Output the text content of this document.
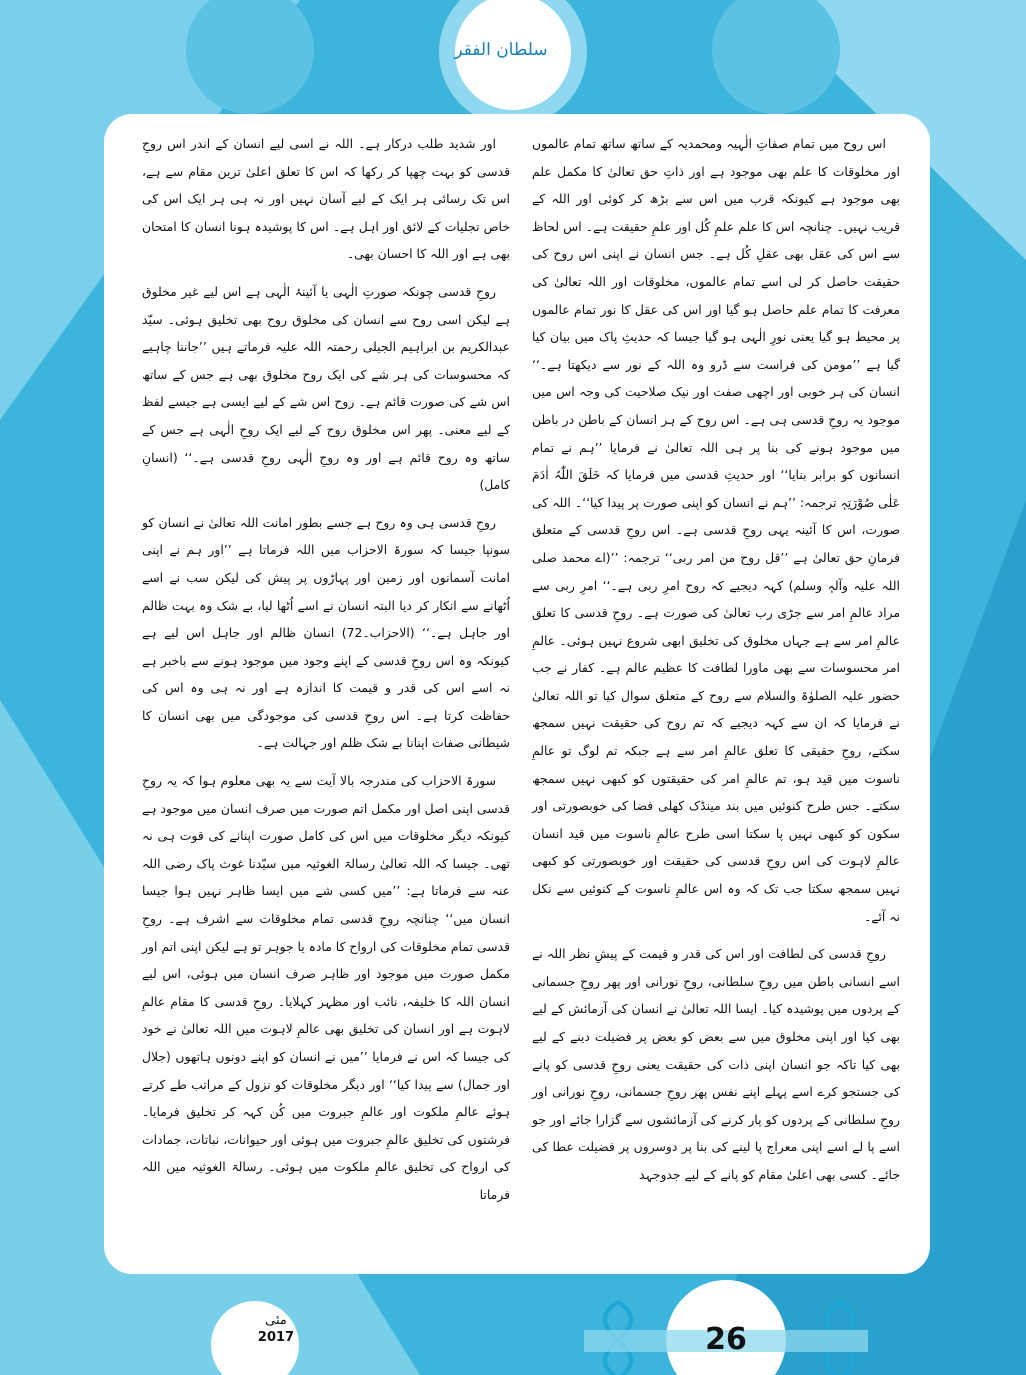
سلطان الفقر

اس روح میں تمام صفاتِ الٰہیہ ومحمدیہ کے ساتھ ساتھ تمام عالموں اور مخلوقات کا علم بھی موجود ہے اور ذاتِ حق تعالیٰ کا مکمل علم بھی موجود ہے کیونکہ قرب میں اس سے بڑھ کر کوئی اور اللہ کے قریب نہیں۔ چنانچہ اس کا علم علمِ کُل اور علمِ حقیقت ہے۔ اس لحاظ سے اس کی عقل بھی عقلِ کُل ہے۔ جس انسان نے اپنی اس روح کی حقیقت حاصل کر لی اسے تمام عالموں، مخلوقات اور اللہ تعالیٰ کی معرفت کا تمام علم حاصل ہو گیا اور اس کی عقل کا نور تمام عالموں پر محیط ہو گیا یعنی نورِ الٰہی ہو گیا جیسا کہ حدیثِ پاک میں بیان کیا گیا ہے ’’مومن کی فراست سے ڈرو وہ اللہ کے نور سے دیکھتا ہے۔‘‘ انسان کی ہر خوبی اور اچھی صفت اور نیک صلاحیت کی وجہ اس میں موجود یہ روحِ قدسی ہی ہے۔ اس روح کے ہر انسان کے باطن در باطن میں موجود ہونے کی بنا پر ہی اللہ تعالیٰ نے فرمایا ’’ہم نے تمام انسانوں کو برابر بنایا‘‘ اور حدیثِ قدسی میں فرمایا کہ خَلَقَ اللّٰہُ اٰدَمَ عَلٰی صُوْرَتِہٖ ترجمہ: ’’ہم نے انسان کو اپنی صورت پر پیدا کیا‘‘۔ اللہ کی صورت، اس کا آئینہ یہی روحِ قدسی ہے۔ اس روحِ قدسی کے متعلق فرمانِ حق تعالیٰ ہے ’’قل روح من امر ربی‘‘ ترجمہ: ’’(اے محمد صلی اللہ علیہ وآلہٖ وسلم) کہہ دیجیے کہ روح امرِ ربی ہے۔‘‘ امرِ ربی سے مراد عالمِ امر سے جڑی رب تعالیٰ کی صورت ہے۔ روحِ قدسی کا تعلق عالمِ امر سے ہے جہاں مخلوق کی تخلیق ابھی شروع نہیں ہوئی۔ عالمِ امر محسوسات سے بھی ماورا لطافت کا عظیم عالم ہے۔ کفار نے جب حضور علیہ الصلوٰۃ والسلام سے روح کے متعلق سوال کیا تو اللہ تعالیٰ نے فرمایا کہ ان سے کہہ دیجیے کہ تم روح کی حقیقت نہیں سمجھ سکتے، روحِ حقیقی کا تعلق عالمِ امر سے ہے جبکہ تم لوگ تو عالمِ ناسوت میں قید ہو، تم عالمِ امر کی حقیقتوں کو کبھی نہیں سمجھ سکتے۔ جس طرح کنوئیں میں بند مینڈک کھلی فضا کی خوبصورتی اور سکون کو کبھی نہیں پا سکتا اسی طرح عالمِ ناسوت میں قید انسان عالمِ لاہوت کی اس روحِ قدسی کی حقیقت اور خوبصورتی کو کبھی نہیں سمجھ سکتا جب تک کہ وہ اس عالمِ ناسوت کے کنوئیں سے نکل نہ آئے۔

روحِ قدسی کی لطافت اور اس کی قدر و قیمت کے پیشِ نظر اللہ نے اسے انسانی باطن میں روحِ سلطانی، روحِ نورانی اور پھر روحِ جسمانی کے پردوں میں پوشیدہ کیا۔ ایسا اللہ تعالیٰ نے انسان کی آزمائش کے لیے بھی کیا اور اپنی مخلوق میں سے بعض کو بعض پر فضیلت دینے کے لیے بھی کیا تاکہ جو انسان اپنی ذات کی حقیقت یعنی روحِ قدسی کو پانے کی جستجو کرے اسے پہلے اپنے نفس پھر روحِ جسمانی، روحِ نورانی اور روحِ سلطانی کے پردوں کو پار کرنے کی آزمائشوں سے گزارا جائے اور جو اسے پا لے اسے اپنی معراج پا لینے کی بنا پر دوسروں پر فضیلت عطا کی جائے۔ کسی بھی اعلیٰ مقام کو پانے کے لیے جدوجہد

اور شدید طلب درکار ہے۔ اللہ نے اسی لیے انسان کے اندر اس روحِ قدسی کو بہت چھپا کر رکھا کہ اس کا تعلق اعلیٰ ترین مقام سے ہے، اس تک رسائی ہر ایک کے لیے آسان نہیں اور نہ ہی ہر ایک اس کی خاص تجلیات کے لائق اور اہل ہے۔ اس کا پوشیدہ ہونا انسان کا امتحان بھی ہے اور اللہ کا احسان بھی۔

روحِ قدسی چونکہ صورتِ الٰہی یا آئینۂ الٰہی ہے اس لیے غیر مخلوق ہے لیکن اسی روح سے انسان کی مخلوق روح بھی تخلیق ہوئی۔ سیّد عبدالکریم بن ابراہیم الجیلی رحمتہ اللہ علیہ فرماتے ہیں ’’جاننا چاہیے کہ محسوسات کی ہر شے کی ایک روح مخلوق بھی ہے جس کے ساتھ اس شے کی صورت قائم ہے۔ روح اس شے کے لیے ایسی ہے جیسے لفظ کے لیے معنی۔ پھر اس مخلوق روح کے لیے ایک روحِ الٰہی ہے جس کے ساتھ وہ روح قائم ہے اور وہ روحِ الٰہی روحِ قدسی ہے۔‘‘ (انسانِ کامل)

روحِ قدسی ہی وہ روح ہے جسے بطور امانت اللہ تعالیٰ نے انسان کو سونپا جیسا کہ سورۃ الاحزاب میں اللہ فرماتا ہے ’’اور ہم نے اپنی امانت آسمانوں اور زمین اور پہاڑوں پر پیش کی لیکن سب نے اسے اُٹھانے سے انکار کر دیا البتہ انسان نے اسے اُٹھا لیا، بے شک وہ بہت ظالم اور جاہل ہے۔‘‘ (الاحزاب۔72) انسان ظالم اور جاہل اس لیے ہے کیونکہ وہ اس روحِ قدسی کے اپنے وجود میں موجود ہونے سے باخبر ہے نہ اسے اس کی قدر و قیمت کا اندازہ ہے اور نہ ہی وہ اس کی حفاظت کرتا ہے۔ اس روحِ قدسی کی موجودگی میں بھی انسان کا شیطانی صفات اپنانا بے شک ظلم اور جہالت ہے۔

سورۃ الاحزاب کی مندرجہ بالا آیت سے یہ بھی معلوم ہوا کہ یہ روحِ قدسی اپنی اصل اور مکمل اتم صورت میں صرف انسان میں موجود ہے کیونکہ دیگر مخلوقات میں اس کی کامل صورت اپنانے کی قوت ہی نہ تھی۔ جیسا کہ اللہ تعالیٰ رسالۃ الغوثیہ میں سیّدنا غوث پاک رضی اللہ عنہ سے فرماتا ہے: ’’میں کسی شے میں ایسا ظاہر نہیں ہوا جیسا انسان میں‘‘ چنانچہ روحِ قدسی تمام مخلوقات سے اشرف ہے۔ روحِ قدسی تمام مخلوقات کی ارواح کا مادہ یا جوہر تو ہے لیکن اپنی اتم اور مکمل صورت میں موجود اور ظاہر صرف انسان میں ہوئی، اس لیے انسان اللہ کا خلیفہ، نائب اور مظہر کہلایا۔ روحِ قدسی کا مقام عالمِ لاہوت ہے اور انسان کی تخلیق بھی عالمِ لاہوت میں اللہ تعالیٰ نے خود کی جیسا کہ اس نے فرمایا ’’میں نے انسان کو اپنے دونوں ہاتھوں (جلال اور جمال) سے پیدا کیا‘‘ اور دیگر مخلوقات کو نزول کے مراتب طے کرتے ہوئے عالمِ ملکوت اور عالمِ جبروت میں کُن کہہ کر تخلیق فرمایا۔ فرشتوں کی تخلیق عالمِ جبروت میں ہوئی اور حیوانات، نباتات، جمادات کی ارواح کی تخلیق عالمِ ملکوت میں ہوئی۔ رسالۃ الغوثیہ میں اللہ فرماتا

مئی
2017	26
